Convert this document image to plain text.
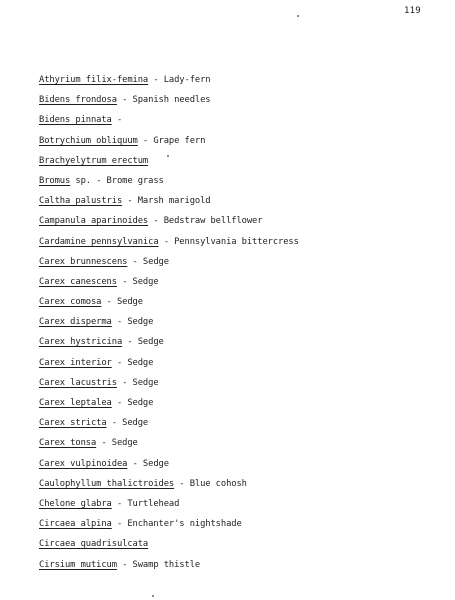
119
Athyrium filix-femina - Lady-fern
Bidens frondosa - Spanish needles
Bidens pinnata -
Botrychium obliquum - Grape fern
Brachyelytrum erectum
Bromus sp. - Brome grass
Caltha palustris - Marsh marigold
Campanula aparinoides - Bedstraw bellflower
Cardamine pennsylvanica - Pennsylvania bittercress
Carex brunnescens - Sedge
Carex canescens - Sedge
Carex comosa - Sedge
Carex disperma - Sedge
Carex hystricina - Sedge
Carex interior - Sedge
Carex lacustris - Sedge
Carex leptalea - Sedge
Carex stricta - Sedge
Carex tonsa - Sedge
Carex vulpinoidea - Sedge
Caulophyllum thalictroides - Blue cohosh
Chelone glabra - Turtlehead
Circaea alpina - Enchanter's nightshade
Circaea quadrisulcata
Cirsium muticum - Swamp thistle
